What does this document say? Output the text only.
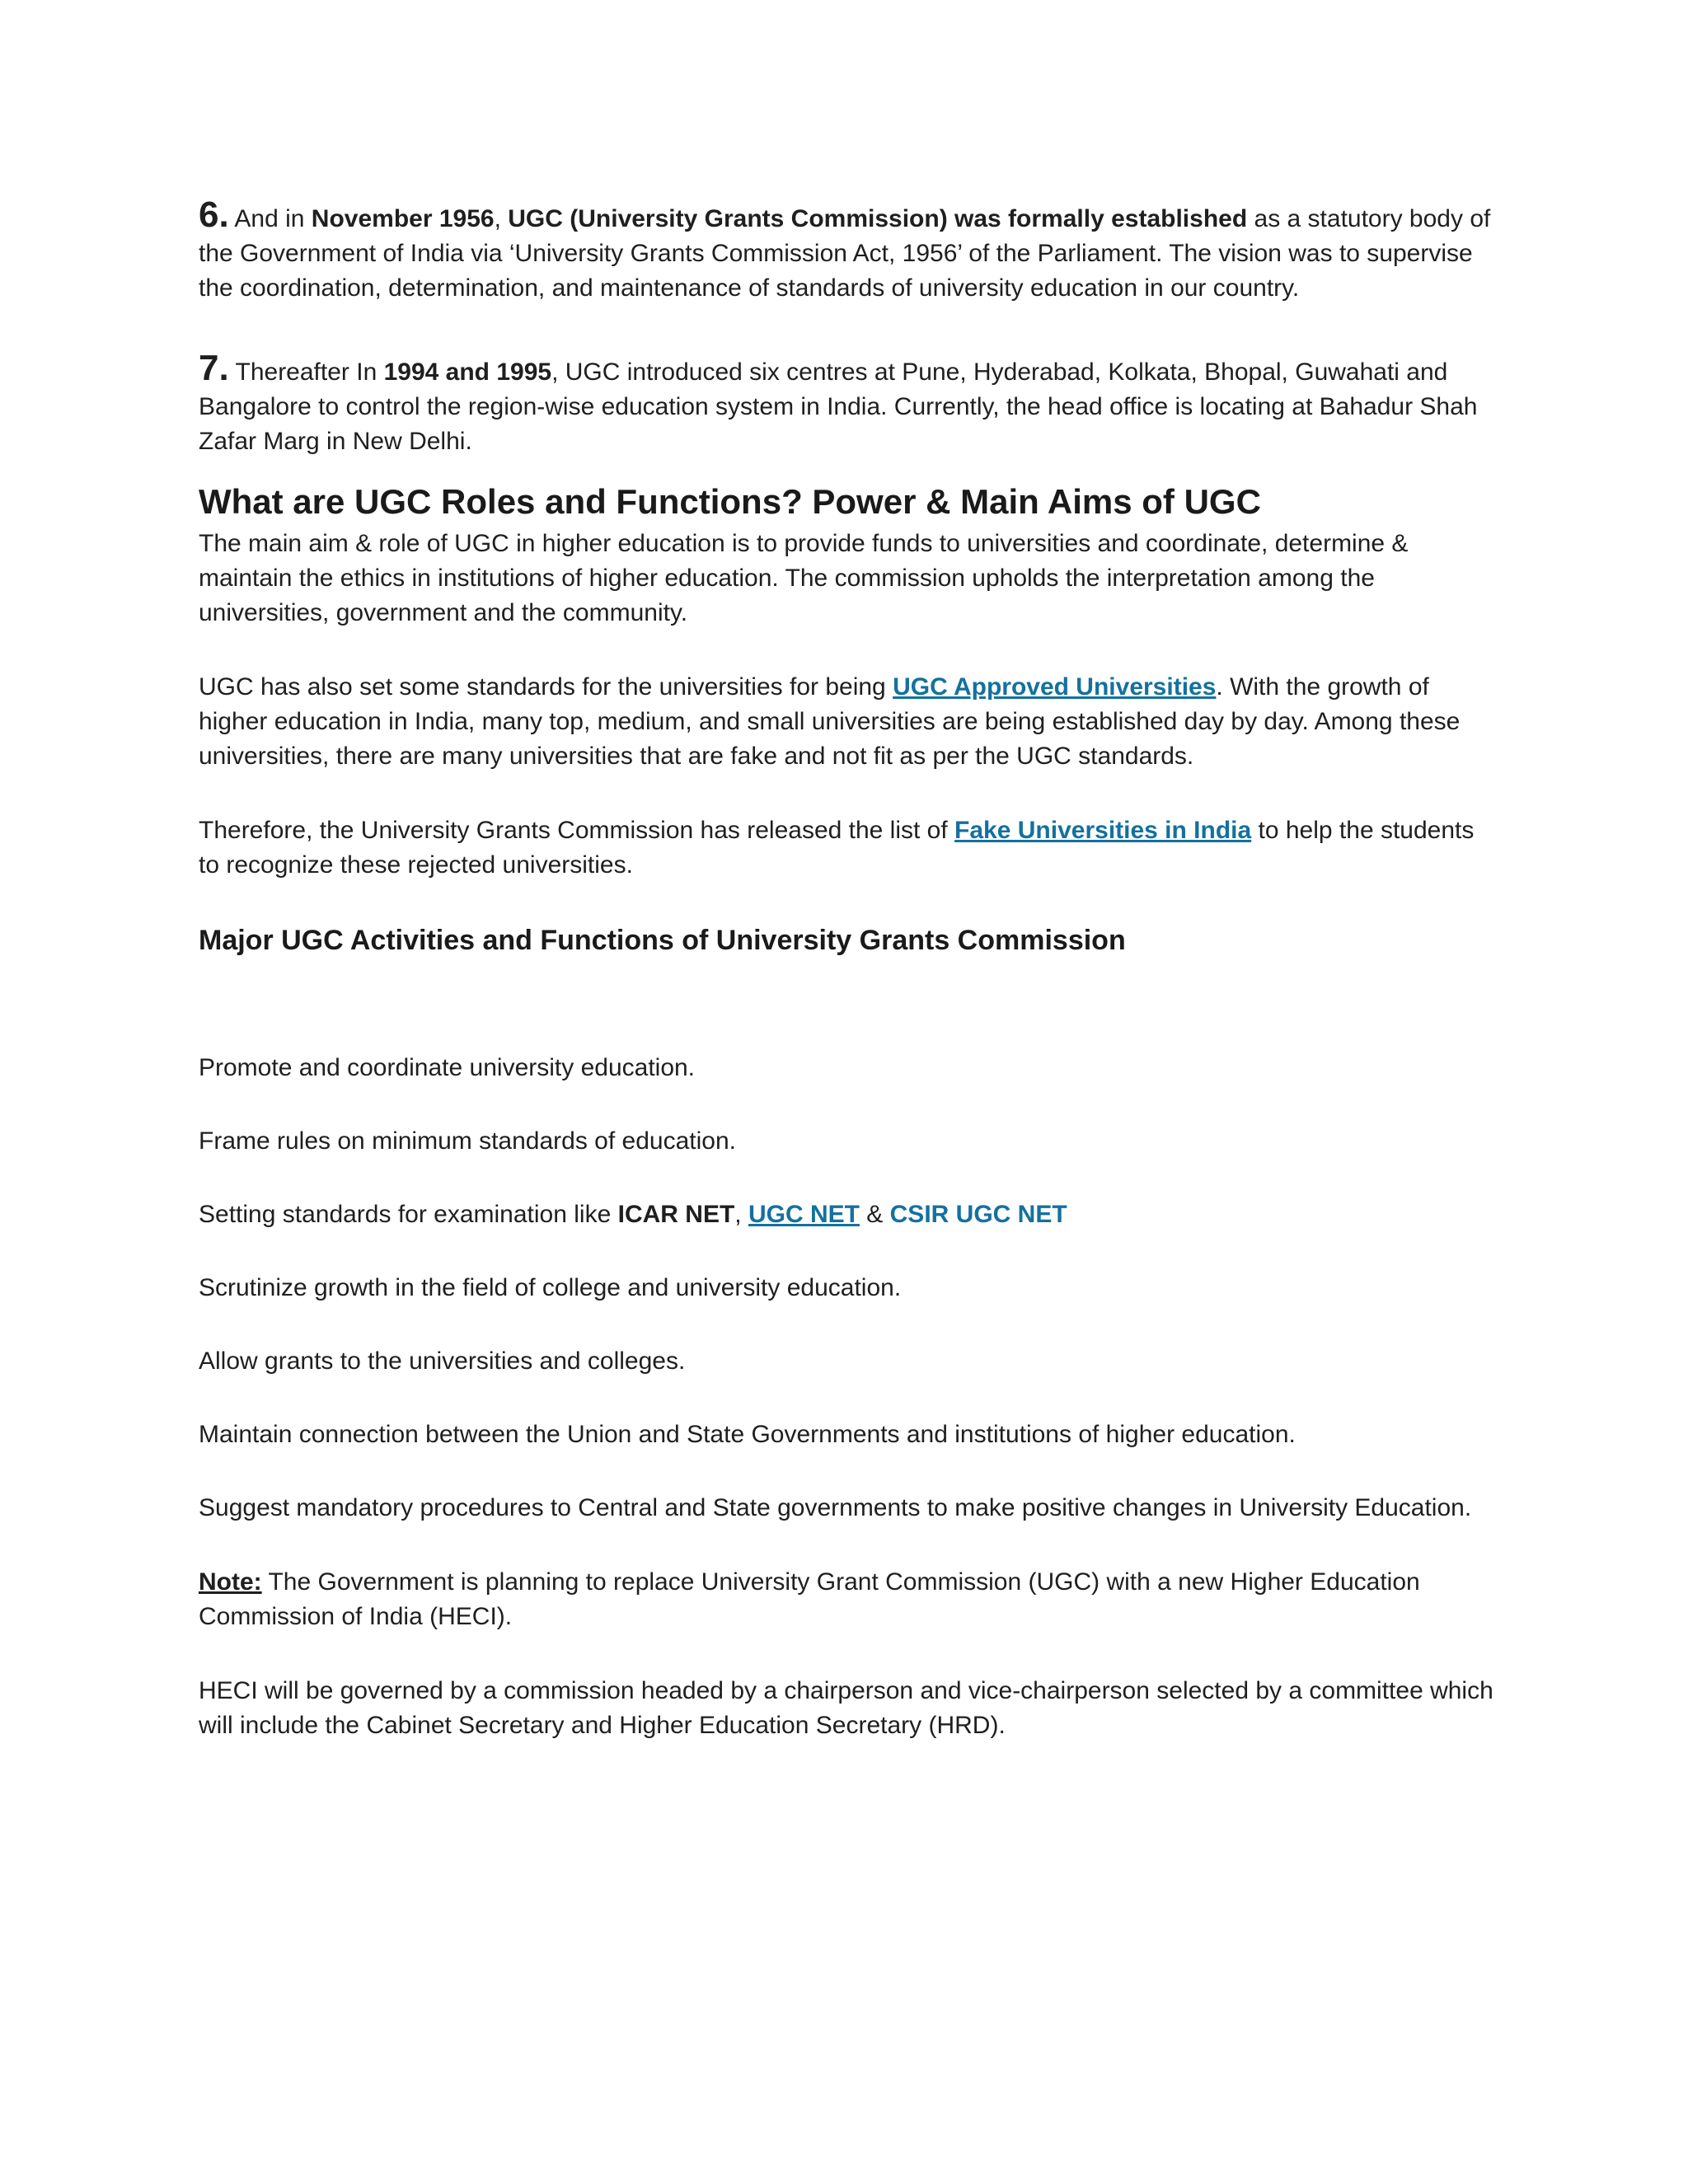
6. And in November 1956, UGC (University Grants Commission) was formally established as a statutory body of the Government of India via ‘University Grants Commission Act, 1956’ of the Parliament. The vision was to supervise the coordination, determination, and maintenance of standards of university education in our country.

7. Thereafter In 1994 and 1995, UGC introduced six centres at Pune, Hyderabad, Kolkata, Bhopal, Guwahati and Bangalore to control the region-wise education system in India. Currently, the head office is locating at Bahadur Shah Zafar Marg in New Delhi.

What are UGC Roles and Functions? Power & Main Aims of UGC

The main aim & role of UGC in higher education is to provide funds to universities and coordinate, determine & maintain the ethics in institutions of higher education. The commission upholds the interpretation among the universities, government and the community.

UGC has also set some standards for the universities for being UGC Approved Universities. With the growth of higher education in India, many top, medium, and small universities are being established day by day. Among these universities, there are many universities that are fake and not fit as per the UGC standards.

Therefore, the University Grants Commission has released the list of Fake Universities in India to help the students to recognize these rejected universities.

Major UGC Activities and Functions of University Grants Commission

Promote and coordinate university education.

Frame rules on minimum standards of education.

Setting standards for examination like ICAR NET, UGC NET & CSIR UGC NET

Scrutinize growth in the field of college and university education.

Allow grants to the universities and colleges.

Maintain connection between the Union and State Governments and institutions of higher education.

Suggest mandatory procedures to Central and State governments to make positive changes in University Education.

Note: The Government is planning to replace University Grant Commission (UGC) with a new Higher Education Commission of India (HECI).

HECI will be governed by a commission headed by a chairperson and vice-chairperson selected by a committee which will include the Cabinet Secretary and Higher Education Secretary (HRD).
